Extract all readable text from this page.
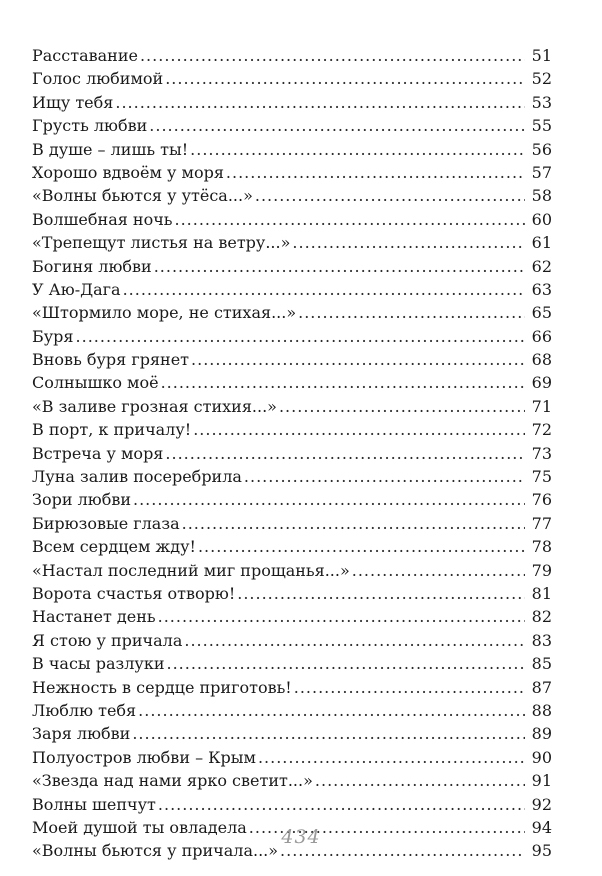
Расставание .....	51
Голос любимой .....	52
Ищу тебя .....	53
Грусть любви .....	55
В душе – лишь ты! .....	56
Хорошо вдвоём у моря .....	57
«Волны бьются у утёса...» .....	58
Волшебная ночь .....	60
«Трепещут листья на ветру...» .....	61
Богиня любви .....	62
У Аю-Дага .....	63
«Штормило море, не стихая...» .....	65
Буря .....	66
Вновь буря грянет .....	68
Солнышко моё .....	69
«В заливе грозная стихия...» .....	71
В порт, к причалу! .....	72
Встреча у моря .....	73
Луна залив посеребрила .....	75
Зори любви .....	76
Бирюзовые глаза .....	77
Всем сердцем жду! .....	78
«Настал последний миг прощанья...» .....	79
Ворота счастья отворю! .....	81
Настанет день .....	82
Я стою у причала .....	83
В часы разлуки .....	85
Нежность в сердце приготовь! .....	87
Люблю тебя .....	88
Заря любви .....	89
Полуостров любви – Крым .....	90
«Звезда над нами ярко светит...» .....	91
Волны шепчут .....	92
Моей душой ты овладела .....	94
«Волны бьются у причала...» .....	95
434
